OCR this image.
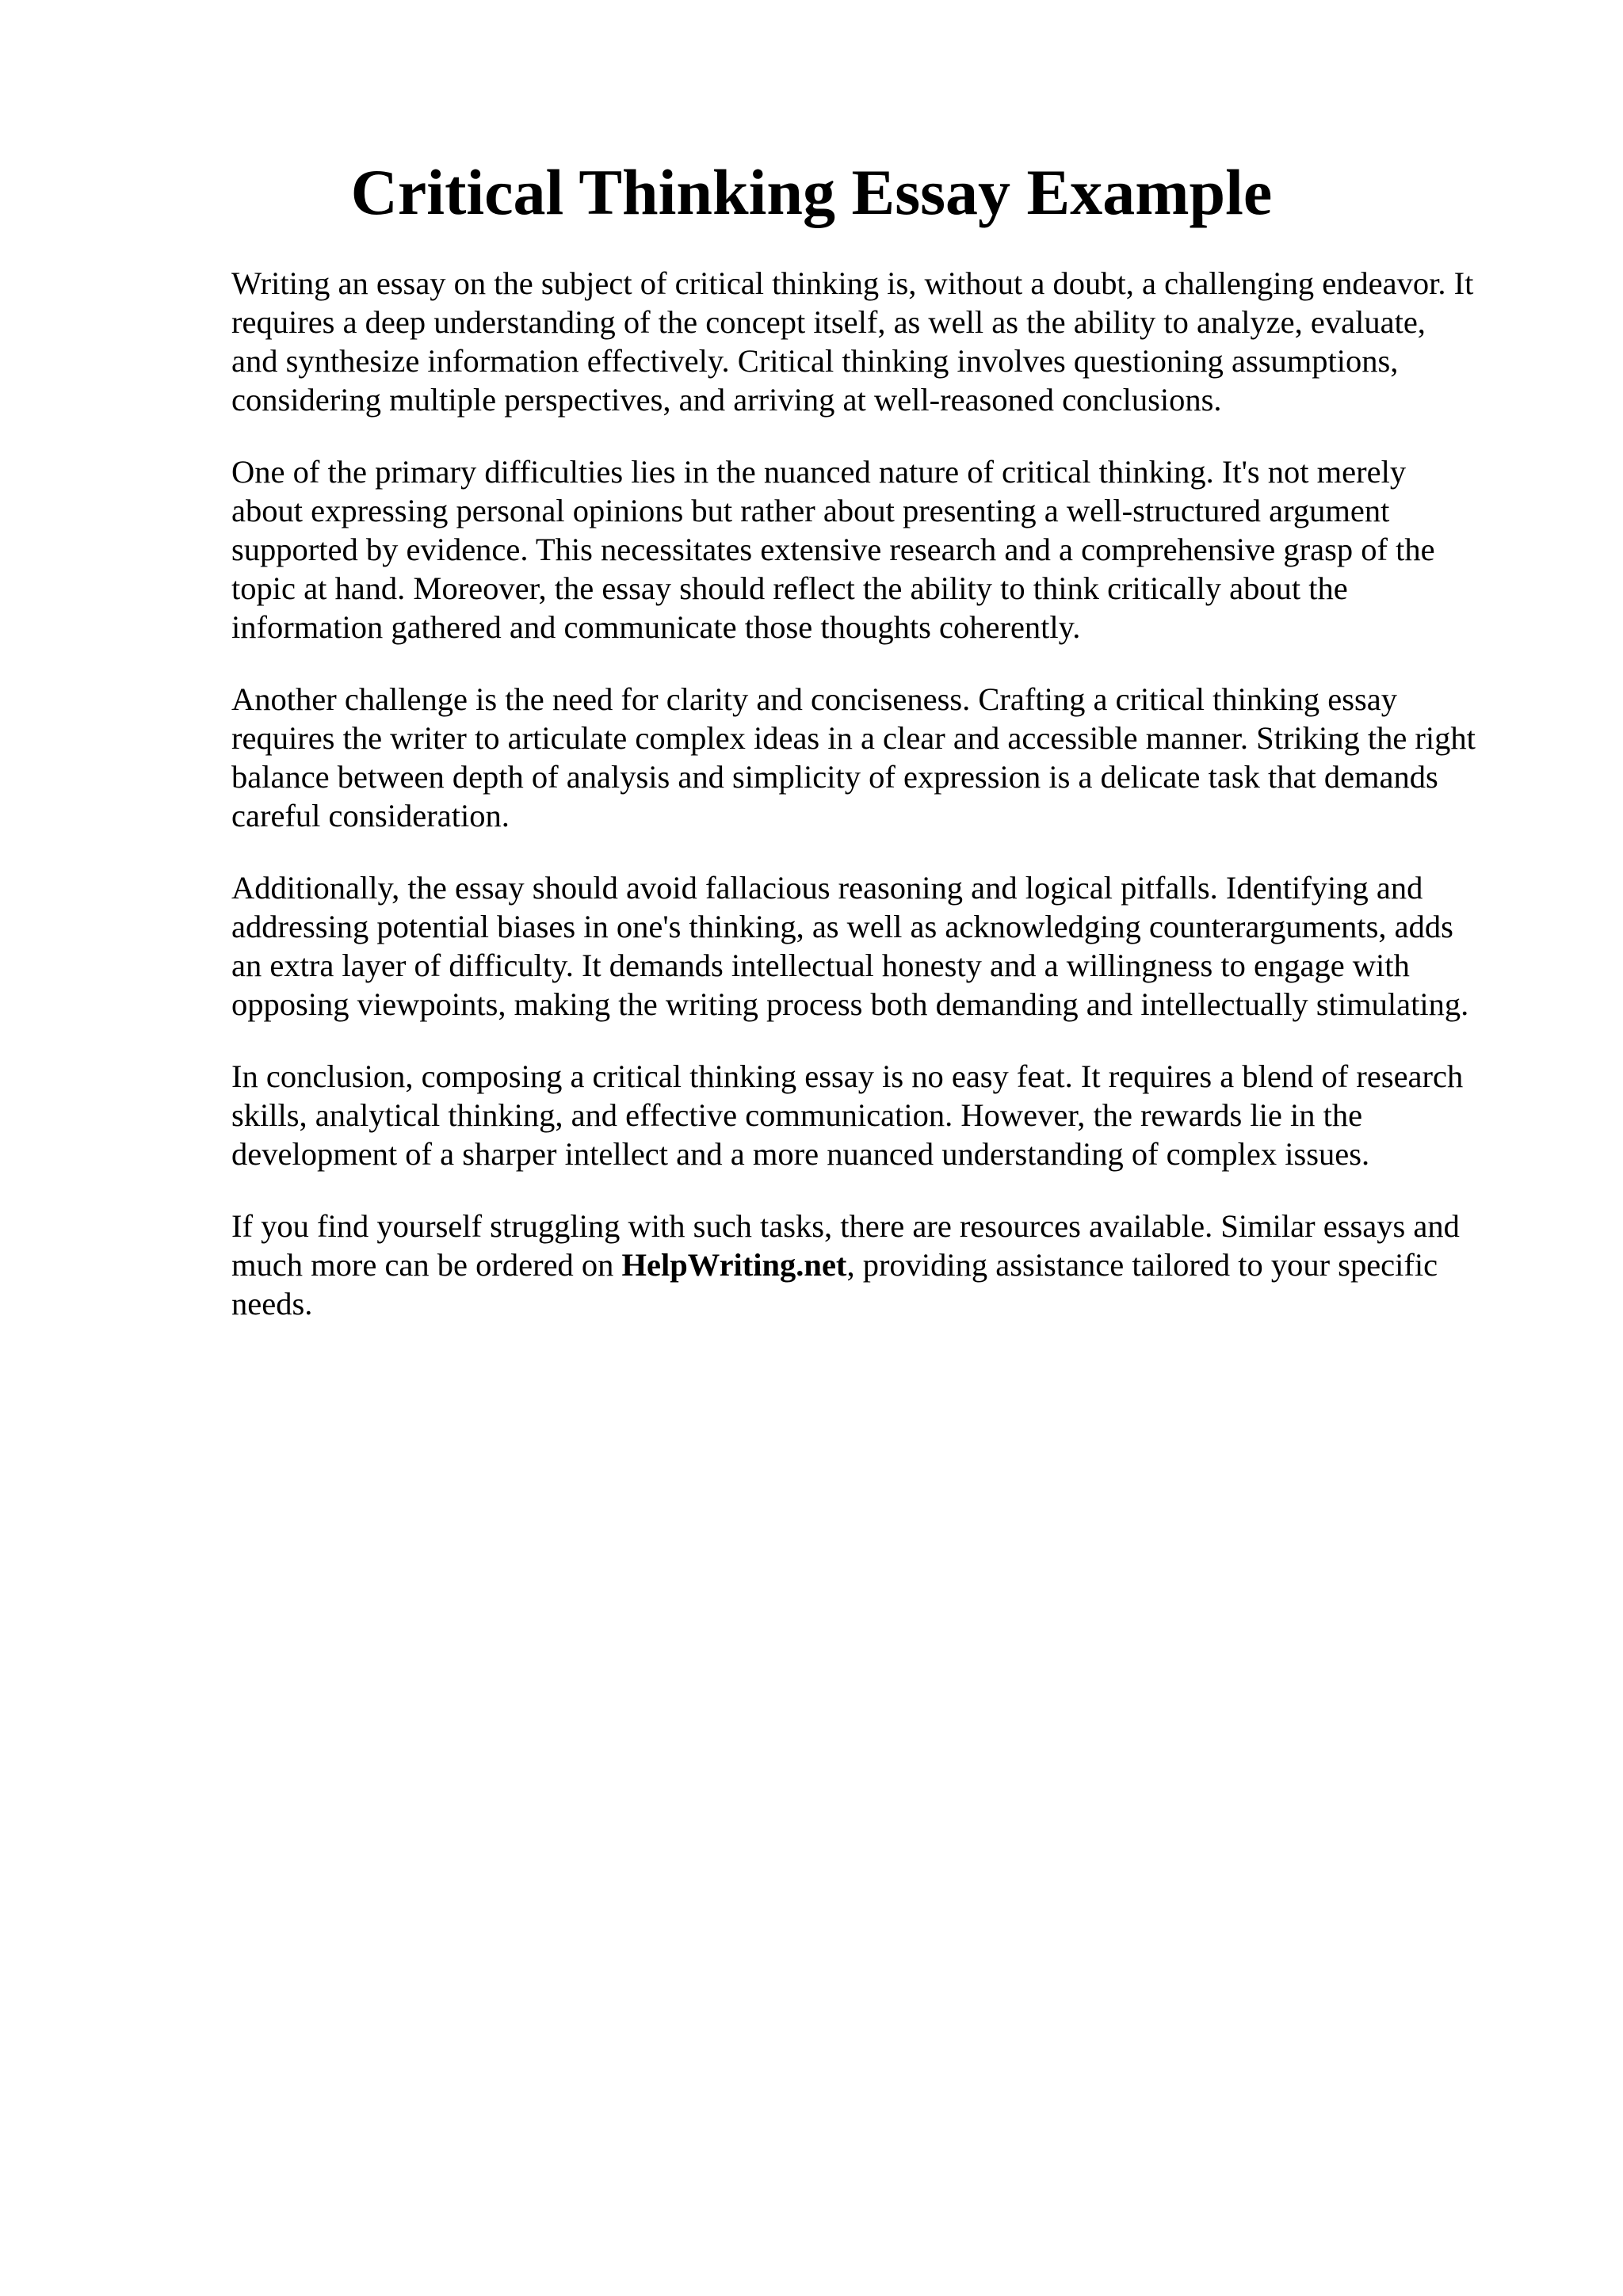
Critical Thinking Essay Example

Writing an essay on the subject of critical thinking is, without a doubt, a challenging endeavor. It
requires a deep understanding of the concept itself, as well as the ability to analyze, evaluate,
and synthesize information effectively. Critical thinking involves questioning assumptions,
considering multiple perspectives, and arriving at well-reasoned conclusions.

One of the primary difficulties lies in the nuanced nature of critical thinking. It's not merely
about expressing personal opinions but rather about presenting a well-structured argument
supported by evidence. This necessitates extensive research and a comprehensive grasp of the
topic at hand. Moreover, the essay should reflect the ability to think critically about the
information gathered and communicate those thoughts coherently.

Another challenge is the need for clarity and conciseness. Crafting a critical thinking essay
requires the writer to articulate complex ideas in a clear and accessible manner. Striking the right
balance between depth of analysis and simplicity of expression is a delicate task that demands
careful consideration.

Additionally, the essay should avoid fallacious reasoning and logical pitfalls. Identifying and
addressing potential biases in one's thinking, as well as acknowledging counterarguments, adds
an extra layer of difficulty. It demands intellectual honesty and a willingness to engage with
opposing viewpoints, making the writing process both demanding and intellectually stimulating.

In conclusion, composing a critical thinking essay is no easy feat. It requires a blend of research
skills, analytical thinking, and effective communication. However, the rewards lie in the
development of a sharper intellect and a more nuanced understanding of complex issues.

If you find yourself struggling with such tasks, there are resources available. Similar essays and
much more can be ordered on HelpWriting.net, providing assistance tailored to your specific
needs.
